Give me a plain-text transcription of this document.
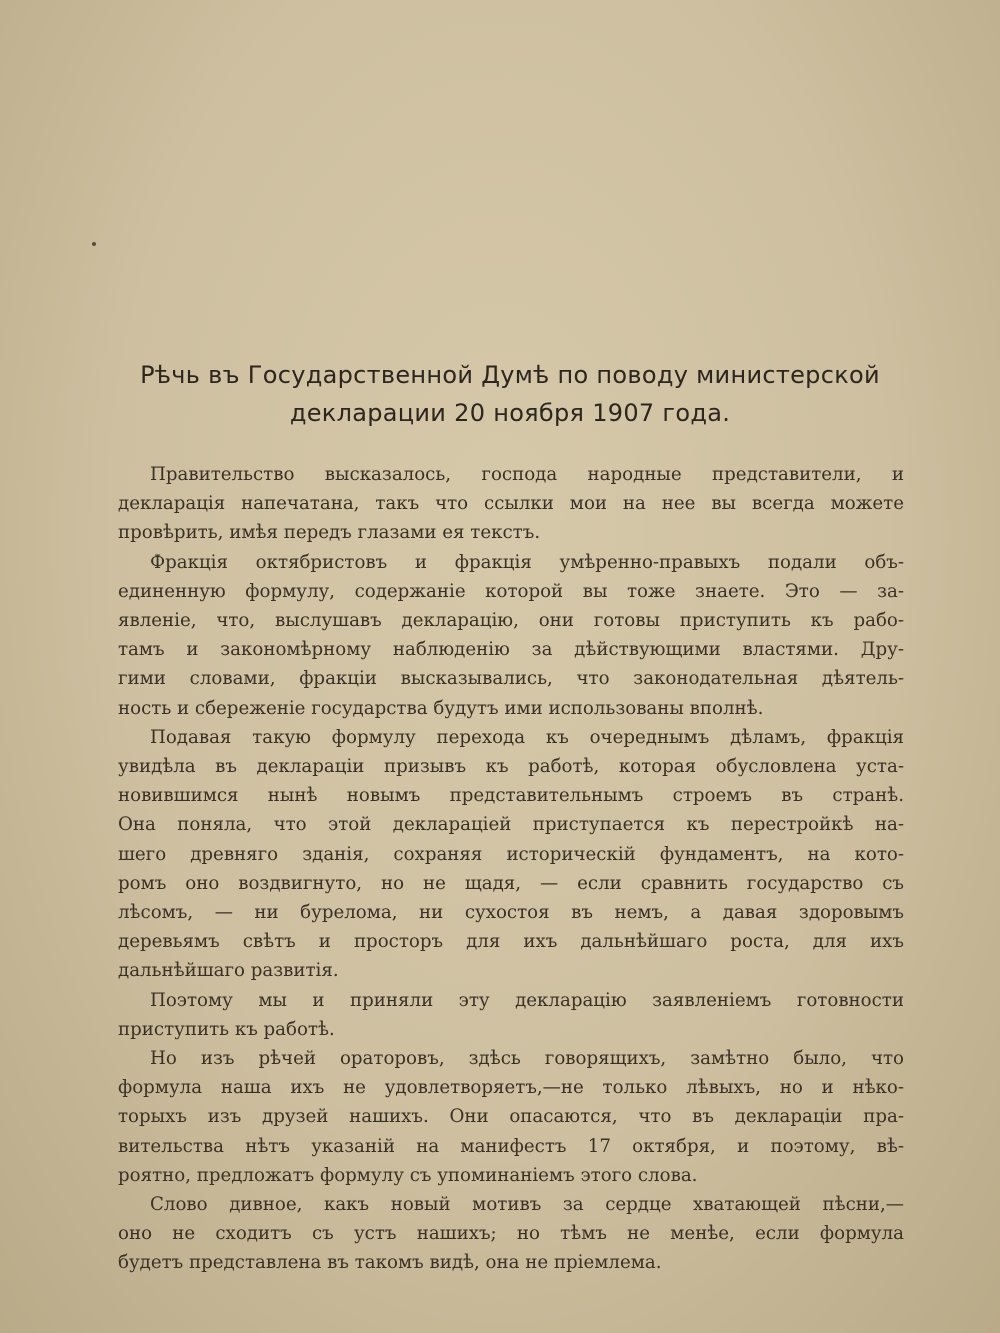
Рѣчь въ Государственной Думѣ по поводу министерской
декларации 20 ноября 1907 года.

Правительство высказалось, господа народные представители, и
декларація напечатана, такъ что ссылки мои на нее вы всегда можете
провѣрить, имѣя передъ глазами ея текстъ.

Фракція октябристовъ и фракція умѣренно-правыхъ подали объ-
единенную формулу, содержаніе которой вы тоже знаете. Это — за-
явленіе, что, выслушавъ декларацію, они готовы приступить къ рабо-
тамъ и закономѣрному наблюденію за дѣйствующими властями. Дру-
гими словами, фракціи высказывались, что законодательная дѣятель-
ность и сбереженіе государства будутъ ими использованы вполнѣ.

Подавая такую формулу перехода къ очереднымъ дѣламъ, фракція
увидѣла въ деклараціи призывъ къ работѣ, которая обусловлена уста-
новившимся нынѣ новымъ представительнымъ строемъ въ странѣ.
Она поняла, что этой деклараціей приступается къ перестройкѣ на-
шего древняго зданія, сохраняя историческій фундаментъ, на кото-
ромъ оно воздвигнуто, но не щадя, — если сравнить государство съ
лѣсомъ, — ни бурелома, ни сухостоя въ немъ, а давая здоровымъ
деревьямъ свѣтъ и просторъ для ихъ дальнѣйшаго роста, для ихъ
дальнѣйшаго развитія.

Поэтому мы и приняли эту декларацію заявленіемъ готовности
приступить къ работѣ.

Но изъ рѣчей ораторовъ, здѣсь говорящихъ, замѣтно было, что
формула наша ихъ не удовлетворяетъ,—не только лѣвыхъ, но и нѣко-
торыхъ изъ друзей нашихъ. Они опасаются, что въ деклараціи пра-
вительства нѣтъ указаній на манифестъ 17 октября, и поэтому, вѣ-
роятно, предложатъ формулу съ упоминаніемъ этого слова.

Слово дивное, какъ новый мотивъ за сердце хватающей пѣсни,—
оно не сходитъ съ устъ нашихъ; но тѣмъ не менѣе, если формула
будетъ представлена въ такомъ видѣ, она не пріемлема.
